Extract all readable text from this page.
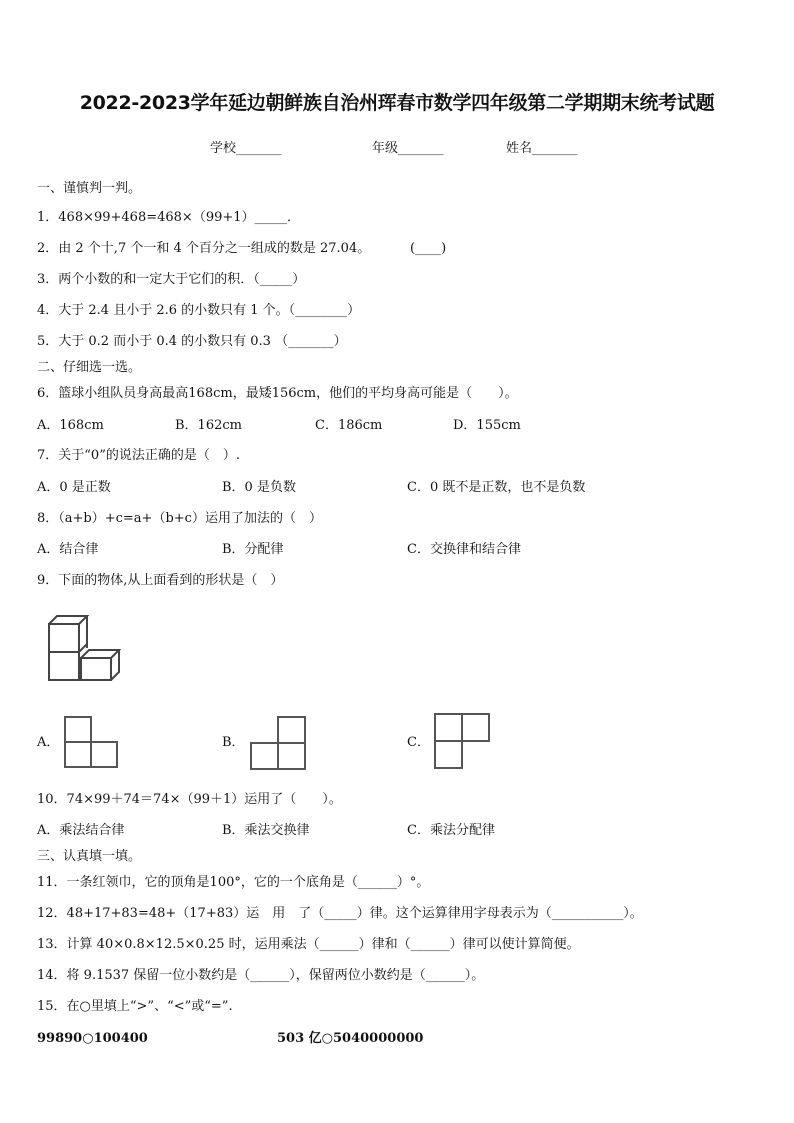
2022-2023学年延边朝鲜族自治州珲春市数学四年级第二学期期末统考试题
学校_______	年级_______	姓名_______
一、谨慎判一判。
1．468×99+468=468×（99+1）_____．
2．由 2 个十,7 个一和 4 个百分之一组成的数是 27.04。	(____)
3．两个小数的和一定大于它们的积．（_____）
4．大于 2.4 且小于 2.6 的小数只有 1 个。（________）
5．大于 0.2 而小于 0.4 的小数只有 0.3 （_______）
二、仔细选一选。
6．篮球小组队员身高最高168cm，最矮156cm，他们的平均身高可能是（　　）。
A．168cm	B．162cm	C．186cm	D．155cm
7．关于“0”的说法正确的是（　）.
A．0 是正数	B．0 是负数	C．0 既不是正数，也不是负数
8．（a+b）+c=a+（b+c）运用了加法的（　）
A．结合律	B．分配律	C．交换律和结合律
9．下面的物体,从上面看到的形状是（　）
A．	B．	C．
10．74×99＋74＝74×（99＋1）运用了（　　）。
A．乘法结合律	B．乘法交换律	C．乘法分配律
三、认真填一填。
11．一条红领巾，它的顶角是100°，它的一个底角是（______）°。
12．48+17+83=48+（17+83）运　用　了（_____）律。这个运算律用字母表示为（___________）。
13．计算 40×0.8×12.5×0.25 时，运用乘法（______）律和（______）律可以使计算简便。
14．将 9.1537 保留一位小数约是（______），保留两位小数约是（______）。
15．在○里填上“>”、“<”或“=”.
99890○100400	503 亿○5040000000
